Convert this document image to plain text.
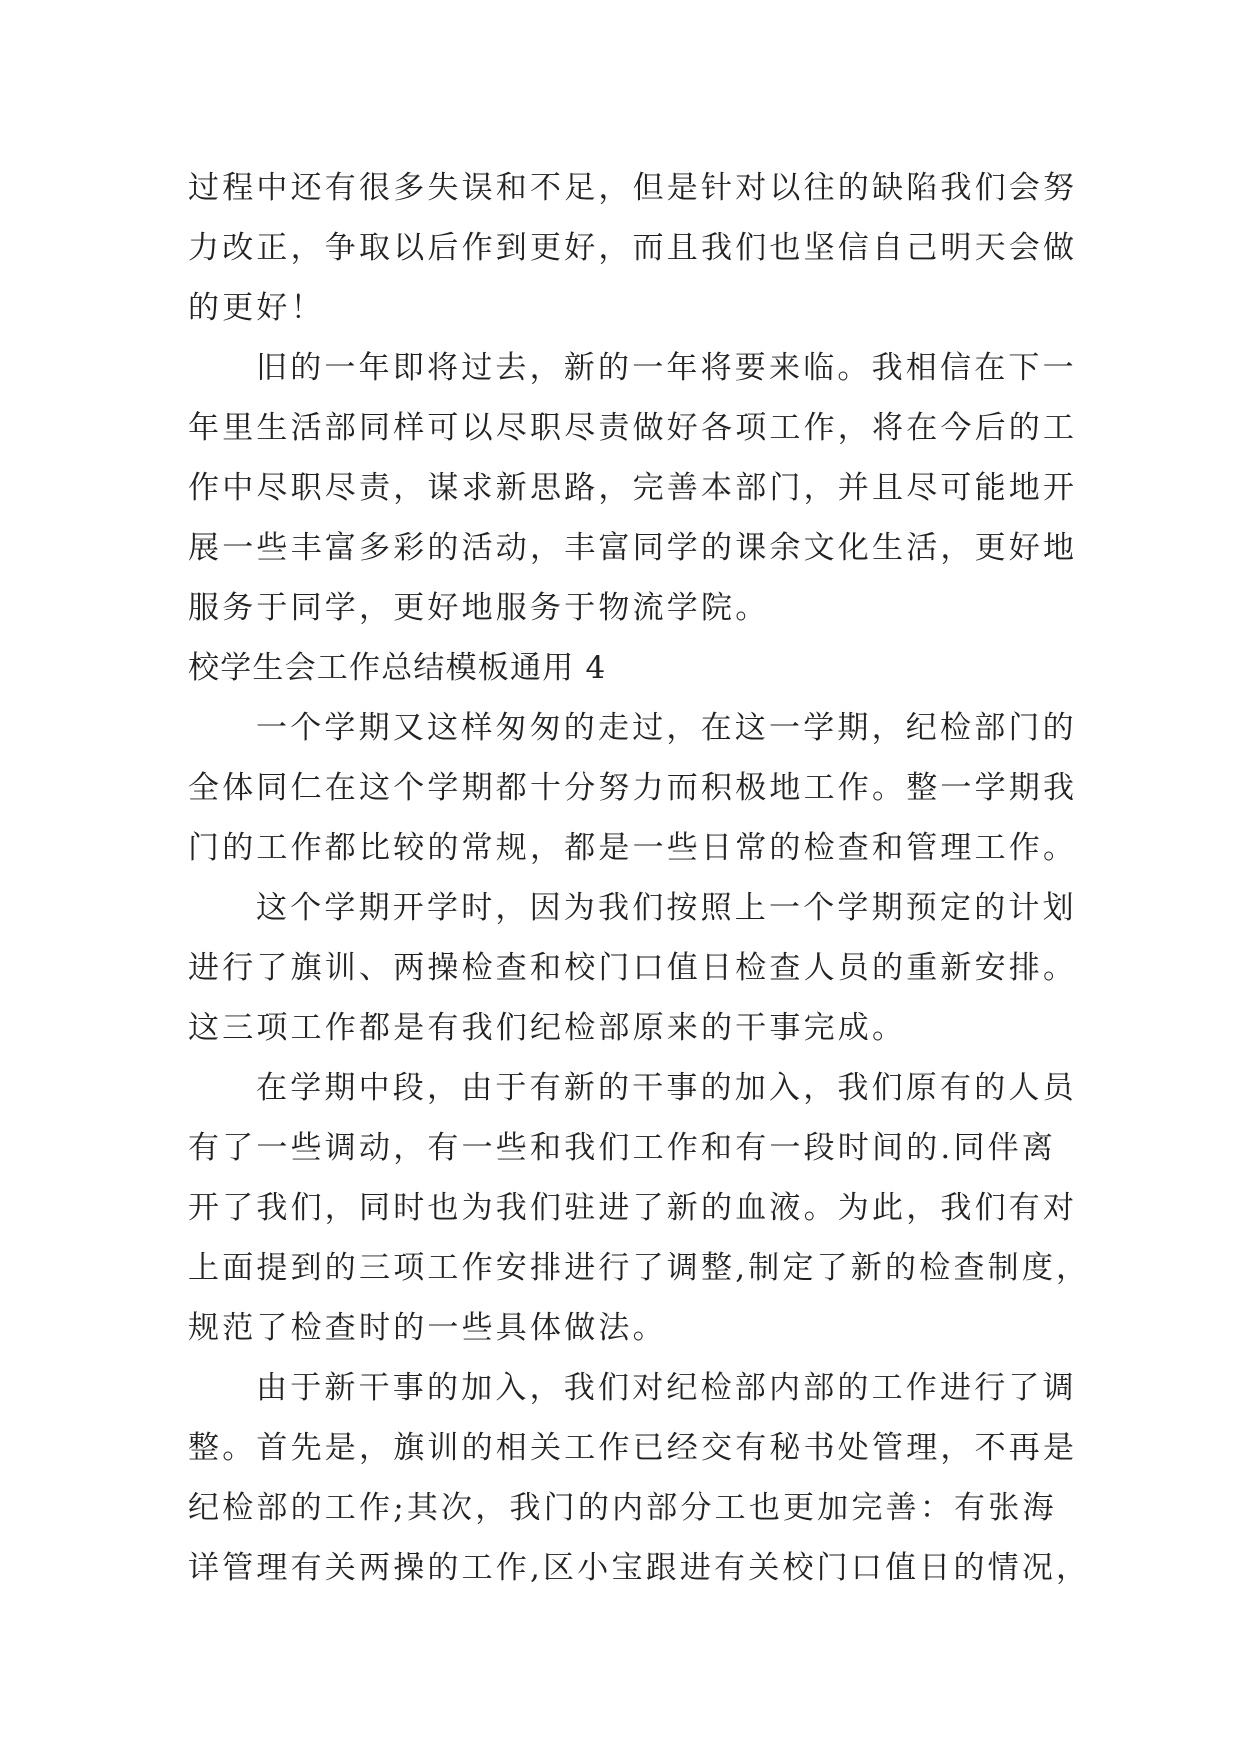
过程中还有很多失误和不足，但是针对以往的缺陷我们会努
力改正，争取以后作到更好，而且我们也坚信自己明天会做
的更好！

旧的一年即将过去，新的一年将要来临。我相信在下一
年里生活部同样可以尽职尽责做好各项工作，将在今后的工
作中尽职尽责，谋求新思路，完善本部门，并且尽可能地开
展一些丰富多彩的活动，丰富同学的课余文化生活，更好地
服务于同学，更好地服务于物流学院。

校学生会工作总结模板通用 4

一个学期又这样匆匆的走过，在这一学期，纪检部门的
全体同仁在这个学期都十分努力而积极地工作。整一学期我
门的工作都比较的常规，都是一些日常的检查和管理工作。

这个学期开学时，因为我们按照上一个学期预定的计划
进行了旗训、两操检查和校门口值日检查人员的重新安排。
这三项工作都是有我们纪检部原来的干事完成。

在学期中段，由于有新的干事的加入，我们原有的人员
有了一些调动，有一些和我们工作和有一段时间的.同伴离
开了我们，同时也为我们驻进了新的血液。为此，我们有对
上面提到的三项工作安排进行了调整,制定了新的检查制度，
规范了检查时的一些具体做法。

由于新干事的加入，我们对纪检部内部的工作进行了调
整。首先是，旗训的相关工作已经交有秘书处管理，不再是
纪检部的工作;其次，我门的内部分工也更加完善：有张海
详管理有关两操的工作,区小宝跟进有关校门口值日的情况，
